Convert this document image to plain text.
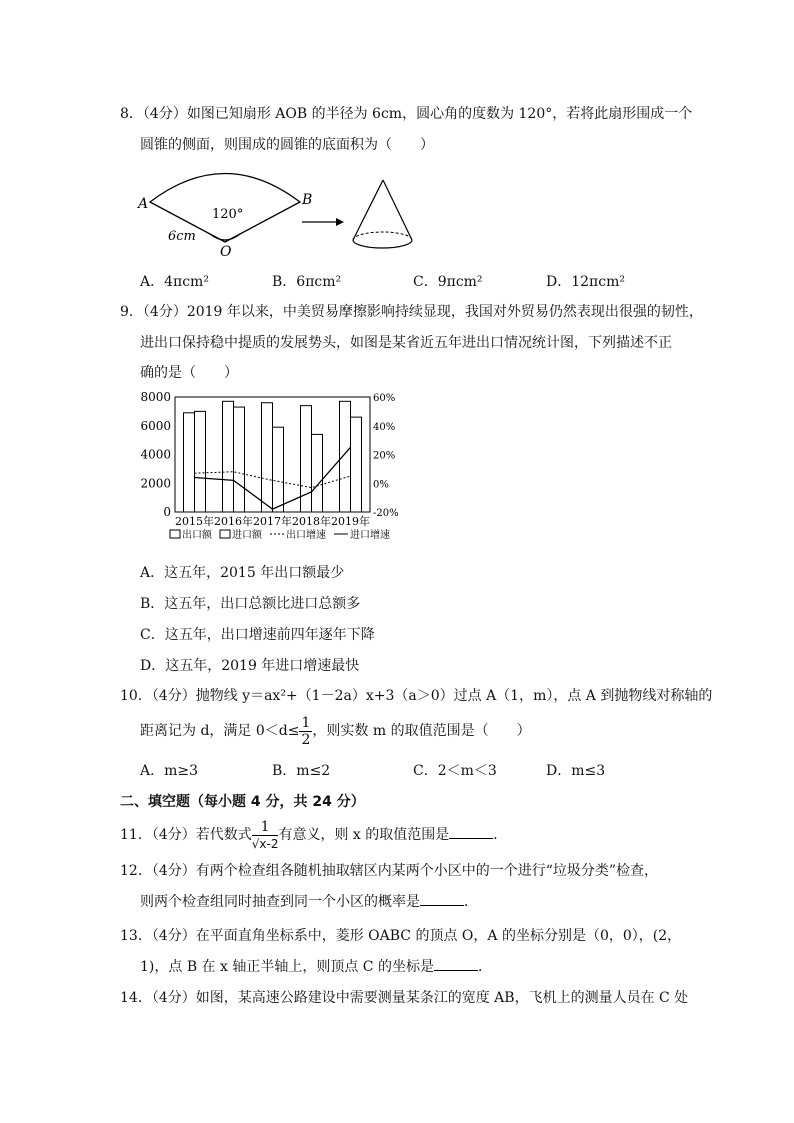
8．（4分）如图已知扇形 AOB 的半径为 6cm，圆心角的度数为 120°，若将此扇形围成一个
圆锥的侧面，则围成的圆锥的底面积为（　　）
A	B
O
120°
6cm
A．4πcm²	B．6πcm²	C．9πcm²	D．12πcm²
9．（4分）2019 年以来，中美贸易摩擦影响持续显现，我国对外贸易仍然表现出很强的韧性，
进出口保持稳中提质的发展势头，如图是某省近五年进出口情况统计图，下列描述不正
确的是（　　）
8000
6000
4000
2000
0
60%
40%
20%
0%
-20%
2015年 2016年 2017年 2018年 2019年
出口额 进口额 出口增速 进口增速
A．这五年，2015 年出口额最少
B．这五年，出口总额比进口总额多
C．这五年，出口增速前四年逐年下降
D．这五年，2019 年进口增速最快
10．（4分）抛物线 y＝ax²+（1－2a）x+3（a＞0）过点 A（1，m），点 A 到抛物线对称轴的
距离记为 d，满足 $0<d\le \frac{1}{2}$ ，则实数 m 的取值范围是（　　）
A．m≥3	B．m≤2	C．2＜m＜3	D．m≤3
二、填空题（每小题 4 分，共 24 分）
11．（4分）若代数式 $\frac{1}{√x-2}$ 有意义，则 x 的取值范围是	．
12．（4分）有两个检查组各随机抽取辖区内某两个小区中的一个进行“垃圾分类”检查，
则两个检查组同时抽查到同一个小区的概率是	．
13．（4分）在平面直角坐标系中，菱形 OABC 的顶点 O，A 的坐标分别是（0，0），(2，
1)，点 B 在 x 轴正半轴上，则顶点 C 的坐标是	．
14．（4分）如图，某高速公路建设中需要测量某条江的宽度 AB，飞机上的测量人员在 C 处
